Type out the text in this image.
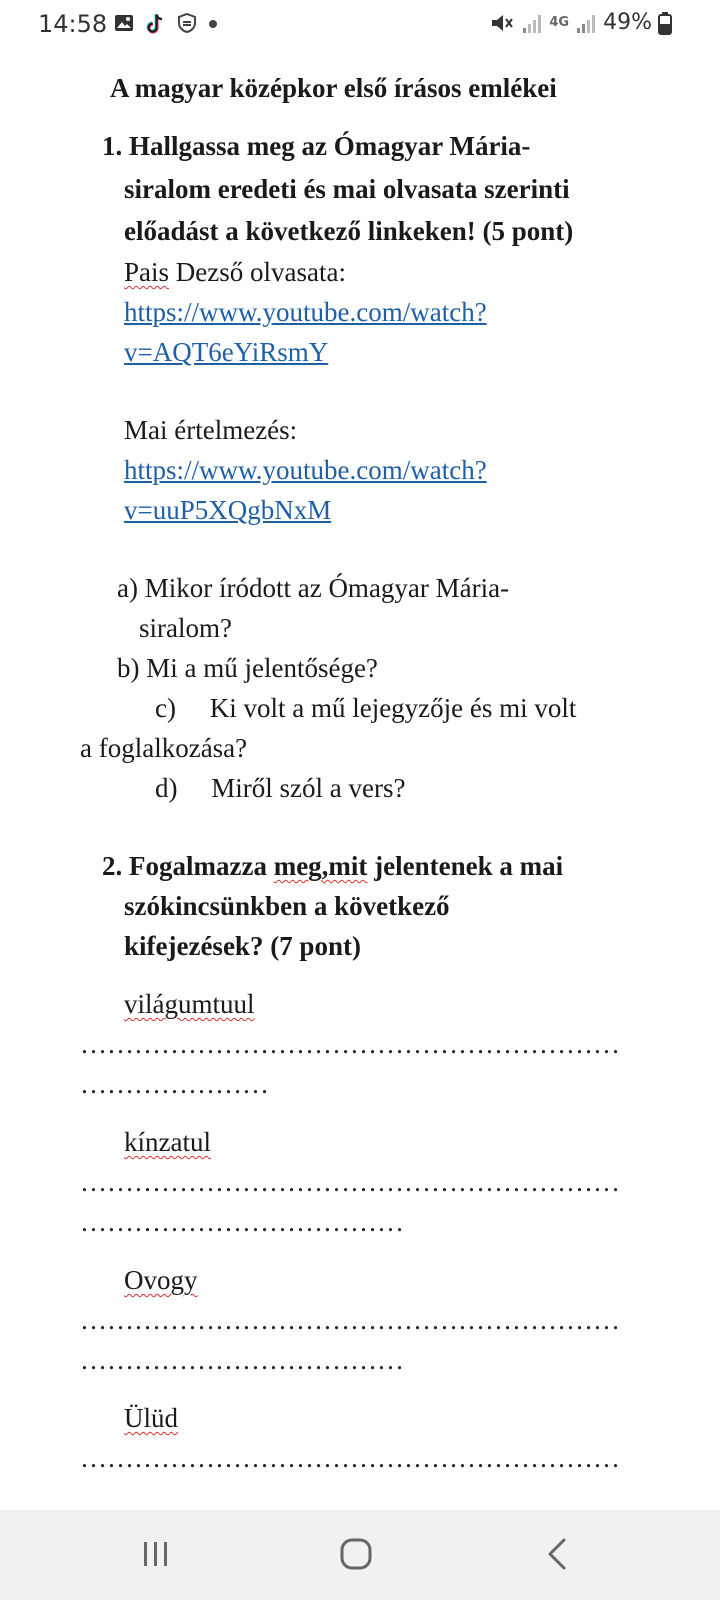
14:58	4G 49%
A magyar középkor első írásos emlékei
1. Hallgassa meg az Ómagyar Mária-
siralom eredeti és mai olvasata szerinti
előadást a következő linkeken! (5 pont)
Pais Dezső olvasata:
https://www.youtube.com/watch?
v=AQT6eYiRsmY
Mai értelmezés:
https://www.youtube.com/watch?
v=uuP5XQgbNxM
a) Mikor íródott az Ómagyar Mária-
siralom?
b) Mi a mű jelentősége?
c)     Ki volt a mű lejegyzője és mi volt
a foglalkozása?
d)     Miről szól a vers?
2. Fogalmazza meg,mit jelentenek a mai
szókincsünkben a következő
kifejezések? (7 pont)
világumtuul
……………………………………………………
…………………
kínzatul
……………………………………………………
………………………………
Ovogy
……………………………………………………
………………………………
Ülüd
……………………………………………………
